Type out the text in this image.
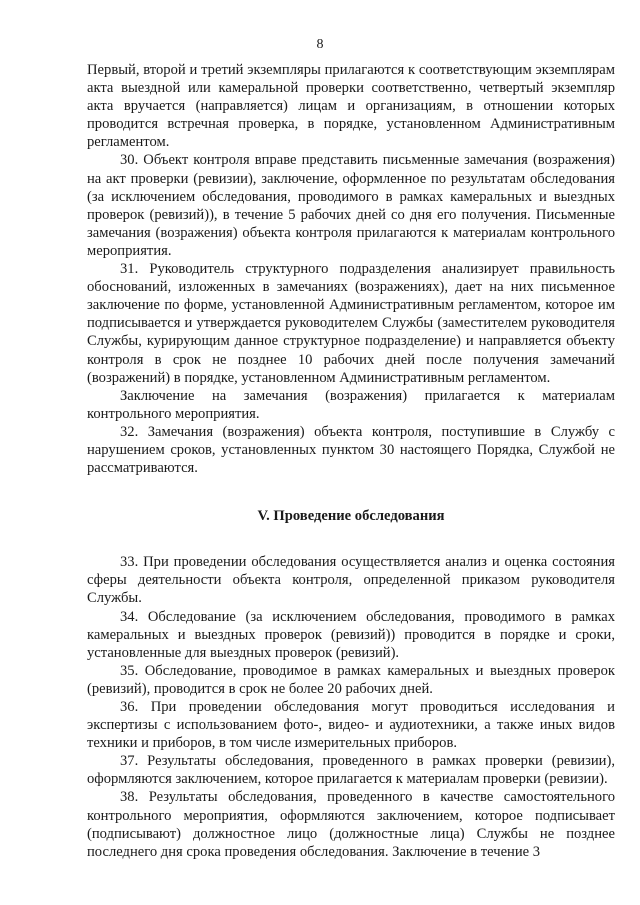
8

Первый, второй и третий экземпляры прилагаются к соответствующим экземплярам акта выездной или камеральной проверки соответственно, четвертый экземпляр акта вручается (направляется) лицам и организациям, в отношении которых проводится встречная проверка, в порядке, установленном Административным регламентом.

30. Объект контроля вправе представить письменные замечания (возражения) на акт проверки (ревизии), заключение, оформленное по результатам обследования (за исключением обследования, проводимого в рамках камеральных и выездных проверок (ревизий)), в течение 5 рабочих дней со дня его получения. Письменные замечания (возражения) объекта контроля прилагаются к материалам контрольного мероприятия.

31. Руководитель структурного подразделения анализирует правильность обоснований, изложенных в замечаниях (возражениях), дает на них письменное заключение по форме, установленной Административным регламентом, которое им подписывается и утверждается руководителем Службы (заместителем руководителя Службы, курирующим данное структурное подразделение) и направляется объекту контроля в срок не позднее 10 рабочих дней после получения замечаний (возражений) в порядке, установленном Административным регламентом.

Заключение на замечания (возражения) прилагается к материалам контрольного мероприятия.

32. Замечания (возражения) объекта контроля, поступившие в Службу с нарушением сроков, установленных пунктом 30 настоящего Порядка, Службой не рассматриваются.

V. Проведение обследования

33. При проведении обследования осуществляется анализ и оценка состояния сферы деятельности объекта контроля, определенной приказом руководителя Службы.

34. Обследование (за исключением обследования, проводимого в рамках камеральных и выездных проверок (ревизий)) проводится в порядке и сроки, установленные для выездных проверок (ревизий).

35. Обследование, проводимое в рамках камеральных и выездных проверок (ревизий), проводится в срок не более 20 рабочих дней.

36. При проведении обследования могут проводиться исследования и экспертизы с использованием фото-, видео- и аудиотехники, а также иных видов техники и приборов, в том числе измерительных приборов.

37. Результаты обследования, проведенного в рамках проверки (ревизии), оформляются заключением, которое прилагается к материалам проверки (ревизии).

38. Результаты обследования, проведенного в качестве самостоятельного контрольного мероприятия, оформляются заключением, которое подписывает (подписывают) должностное лицо (должностные лица) Службы не позднее последнего дня срока проведения обследования. Заключение в течение 3
